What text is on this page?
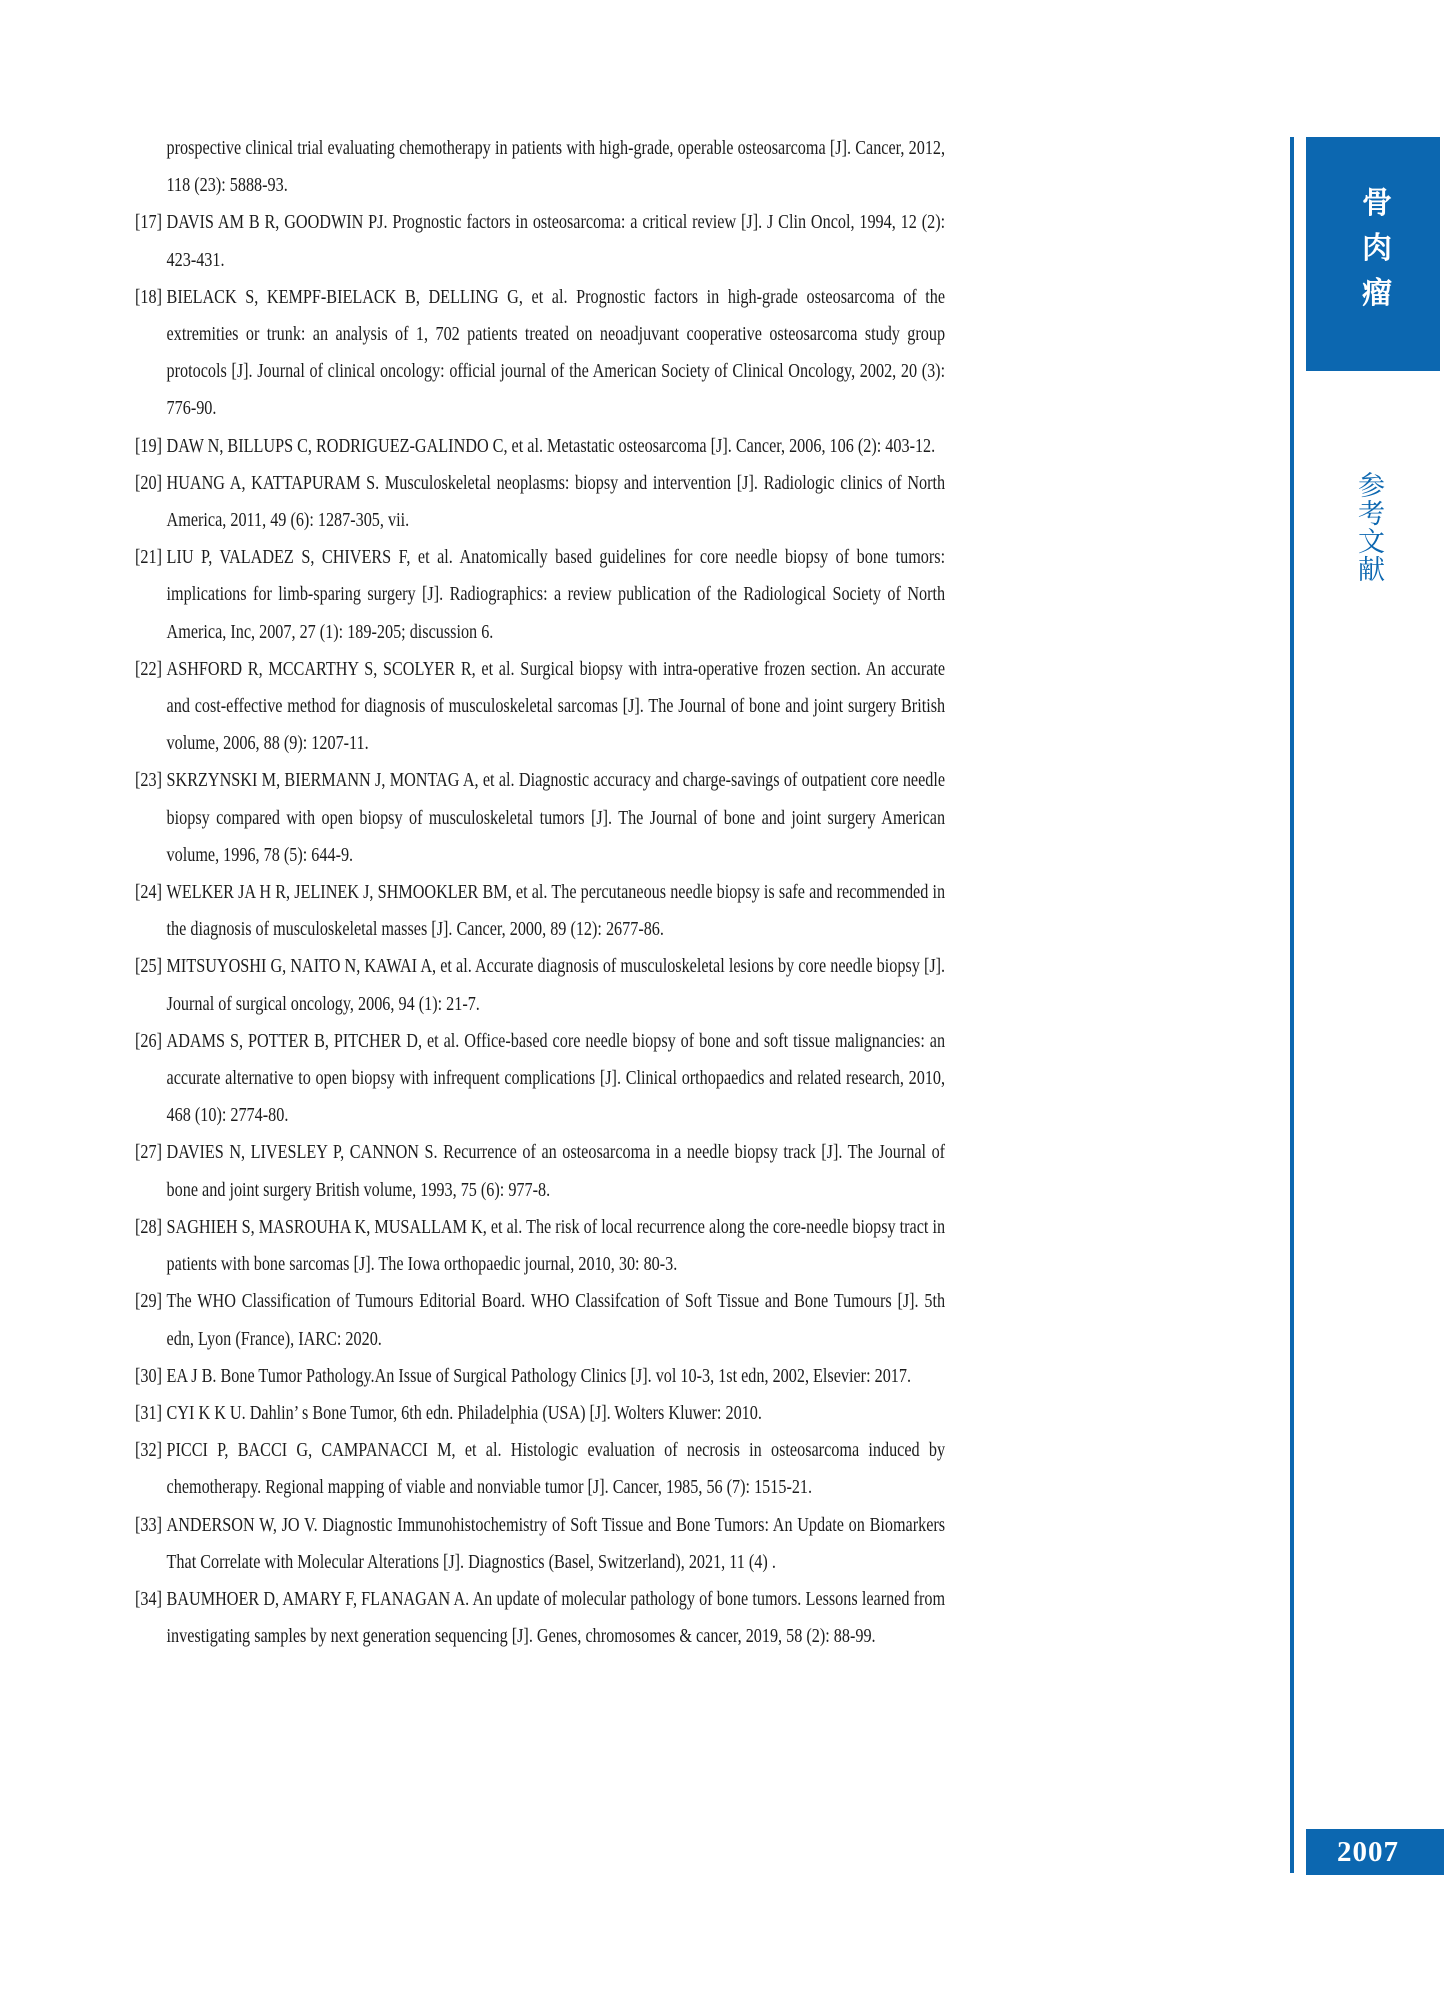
prospective clinical trial evaluating chemotherapy in patients with high-grade, operable osteosarcoma [J]. Cancer, 2012, 118 (23): 5888-93.
[17] DAVIS AM B R, GOODWIN PJ. Prognostic factors in osteosarcoma: a critical review [J]. J Clin Oncol, 1994, 12 (2): 423-431.
[18] BIELACK S, KEMPF-BIELACK B, DELLING G, et al. Prognostic factors in high-grade osteosarcoma of the extremities or trunk: an analysis of 1, 702 patients treated on neoadjuvant cooperative osteosarcoma study group protocols [J]. Journal of clinical oncology: official journal of the American Society of Clinical Oncology, 2002, 20 (3): 776-90.
[19] DAW N, BILLUPS C, RODRIGUEZ-GALINDO C, et al. Metastatic osteosarcoma [J]. Cancer, 2006, 106 (2): 403-12.
[20] HUANG A, KATTAPURAM S. Musculoskeletal neoplasms: biopsy and intervention [J]. Radiologic clinics of North America, 2011, 49 (6): 1287-305, vii.
[21] LIU P, VALADEZ S, CHIVERS F, et al. Anatomically based guidelines for core needle biopsy of bone tumors: implications for limb-sparing surgery [J]. Radiographics: a review publication of the Radiological Society of North America, Inc, 2007, 27 (1): 189-205; discussion 6.
[22] ASHFORD R, MCCARTHY S, SCOLYER R, et al. Surgical biopsy with intra-operative frozen section. An accurate and cost-effective method for diagnosis of musculoskeletal sarcomas [J]. The Journal of bone and joint surgery British volume, 2006, 88 (9): 1207-11.
[23] SKRZYNSKI M, BIERMANN J, MONTAG A, et al. Diagnostic accuracy and charge-savings of outpatient core needle biopsy compared with open biopsy of musculoskeletal tumors [J]. The Journal of bone and joint surgery American volume, 1996, 78 (5): 644-9.
[24] WELKER JA H R, JELINEK J, SHMOOKLER BM, et al. The percutaneous needle biopsy is safe and recommended in the diagnosis of musculoskeletal masses [J]. Cancer, 2000, 89 (12): 2677-86.
[25] MITSUYOSHI G, NAITO N, KAWAI A, et al. Accurate diagnosis of musculoskeletal lesions by core needle biopsy [J]. Journal of surgical oncology, 2006, 94 (1): 21-7.
[26] ADAMS S, POTTER B, PITCHER D, et al. Office-based core needle biopsy of bone and soft tissue malignancies: an accurate alternative to open biopsy with infrequent complications [J]. Clinical orthopaedics and related research, 2010, 468 (10): 2774-80.
[27] DAVIES N, LIVESLEY P, CANNON S. Recurrence of an osteosarcoma in a needle biopsy track [J]. The Journal of bone and joint surgery British volume, 1993, 75 (6): 977-8.
[28] SAGHIEH S, MASROUHA K, MUSALLAM K, et al. The risk of local recurrence along the core-needle biopsy tract in patients with bone sarcomas [J]. The Iowa orthopaedic journal, 2010, 30: 80-3.
[29] The WHO Classification of Tumours Editorial Board. WHO Classifcation of Soft Tissue and Bone Tumours [J]. 5th edn, Lyon (France), IARC: 2020.
[30] EA J B. Bone Tumor Pathology.An Issue of Surgical Pathology Clinics [J]. vol 10-3, 1st edn, 2002, Elsevier: 2017.
[31] CYI K K U. Dahlin’ s Bone Tumor, 6th edn. Philadelphia (USA) [J]. Wolters Kluwer: 2010.
[32] PICCI P, BACCI G, CAMPANACCI M, et al. Histologic evaluation of necrosis in osteosarcoma induced by chemotherapy. Regional mapping of viable and nonviable tumor [J]. Cancer, 1985, 56 (7): 1515-21.
[33] ANDERSON W, JO V. Diagnostic Immunohistochemistry of Soft Tissue and Bone Tumors: An Update on Biomarkers That Correlate with Molecular Alterations [J]. Diagnostics (Basel, Switzerland), 2021, 11 (4) .
[34] BAUMHOER D, AMARY F, FLANAGAN A. An update of molecular pathology of bone tumors. Lessons learned from investigating samples by next generation sequencing [J]. Genes, chromosomes & cancer, 2019, 58 (2): 88-99.
骨肉瘤
参考文献
2007
